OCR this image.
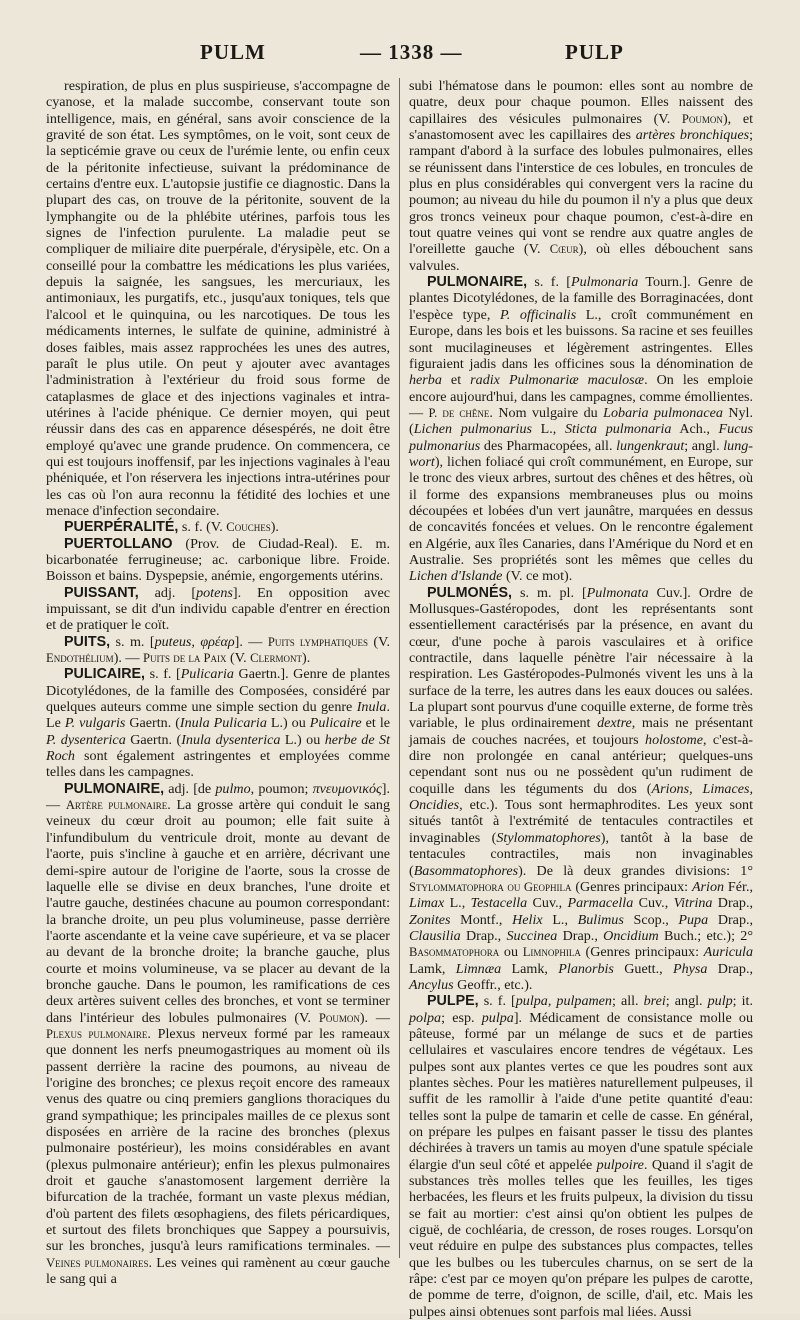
PULM	— 1338 —	PULP

respiration, de plus en plus suspirieuse, s'accompagne de cyanose, et la malade succombe, conservant toute son intelligence, mais, en général, sans avoir conscience de la gravité de son état. Les symptômes, on le voit, sont ceux de la septicémie grave ou ceux de l'urémie lente, ou enfin ceux de la péritonite infectieuse, suivant la prédominance de certains d'entre eux. L'autopsie justifie ce diagnostic. Dans la plupart des cas, on trouve de la péritonite, souvent de la lymphangite ou de la phlébite utérines, parfois tous les signes de l'infection purulente. La maladie peut se compliquer de miliaire dite puerpérale, d'érysipèle, etc. On a conseillé pour la combattre les médications les plus variées, depuis la saignée, les sangsues, les mercuriaux, les antimoniaux, les purgatifs, etc., jusqu'aux toniques, tels que l'alcool et le quinquina, ou les narcotiques. De tous les médicaments internes, le sulfate de quinine, administré à doses faibles, mais assez rapprochées les unes des autres, paraît le plus utile. On peut y ajouter avec avantages l'administration à l'extérieur du froid sous forme de cataplasmes de glace et des injections vaginales et intra-utérines à l'acide phénique. Ce dernier moyen, qui peut réussir dans des cas en apparence désespérés, ne doit être employé qu'avec une grande prudence. On commencera, ce qui est toujours inoffensif, par les injections vaginales à l'eau phéniquée, et l'on réservera les injections intra-utérines pour les cas où l'on aura reconnu la fétidité des lochies et une menace d'infection secondaire.

PUERPÉRALITÉ, s. f. (V. Couches).

PUERTOLLANO (Prov. de Ciudad-Real). E. m. bicarbonatée ferrugineuse; ac. carbonique libre. Froide. Boisson et bains. Dyspepsie, anémie, engorgements utérins.

PUISSANT, adj. [potens]. En opposition avec impuissant, se dit d'un individu capable d'entrer en érection et de pratiquer le coït.

PUITS, s. m. [puteus, φρέαρ]. — Puits lymphatiques (V. Endothélium). — Puits de la Paix (V. Clermont).

PULICAIRE, s. f. [Pulicaria Gaertn.]. Genre de plantes Dicotylédones, de la famille des Composées, considéré par quelques auteurs comme une simple section du genre Inula. Le P. vulgaris Gaertn. (Inula Pulicaria L.) ou Pulicaire et le P. dysenterica Gaertn. (Inula dysenterica L.) ou herbe de St Roch sont également astringentes et employées comme telles dans les campagnes.

PULMONAIRE, adj. [de pulmo, poumon; πνευμονικός]. — Artère pulmonaire. La grosse artère qui conduit le sang veineux du cœur droit au poumon; elle fait suite à l'infundibulum du ventricule droit, monte au devant de l'aorte, puis s'incline à gauche et en arrière, décrivant une demi-spire autour de l'origine de l'aorte, sous la crosse de laquelle elle se divise en deux branches, l'une droite et l'autre gauche, destinées chacune au poumon correspondant: la branche droite, un peu plus volumineuse, passe derrière l'aorte ascendante et la veine cave supérieure, et va se placer au devant de la bronche droite; la branche gauche, plus courte et moins volumineuse, va se placer au devant de la bronche gauche. Dans le poumon, les ramifications de ces deux artères suivent celles des bronches, et vont se terminer dans l'intérieur des lobules pulmonaires (V. Poumon). — Plexus pulmonaire. Plexus nerveux formé par les rameaux que donnent les nerfs pneumogastriques au moment où ils passent derrière la racine des poumons, au niveau de l'origine des bronches; ce plexus reçoit encore des rameaux venus des quatre ou cinq premiers ganglions thoraciques du grand sympathique; les principales mailles de ce plexus sont disposées en arrière de la racine des bronches (plexus pulmonaire postérieur), les moins considérables en avant (plexus pulmonaire antérieur); enfin les plexus pulmonaires droit et gauche s'anastomosent largement derrière la bifurcation de la trachée, formant un vaste plexus médian, d'où partent des filets œsophagiens, des filets péricardiques, et surtout des filets bronchiques que Sappey a poursuivis, sur les bronches, jusqu'à leurs ramifications terminales. — Veines pulmonaires. Les veines qui ramènent au cœur gauche le sang qui a

subi l'hématose dans le poumon: elles sont au nombre de quatre, deux pour chaque poumon. Elles naissent des capillaires des vésicules pulmonaires (V. Poumon), et s'anastomosent avec les capillaires des artères bronchiques; rampant d'abord à la surface des lobules pulmonaires, elles se réunissent dans l'interstice de ces lobules, en troncules de plus en plus considérables qui convergent vers la racine du poumon; au niveau du hile du poumon il n'y a plus que deux gros troncs veineux pour chaque poumon, c'est-à-dire en tout quatre veines qui vont se rendre aux quatre angles de l'oreillette gauche (V. Cœur), où elles débouchent sans valvules.

PULMONAIRE, s. f. [Pulmonaria Tourn.]. Genre de plantes Dicotylédones, de la famille des Borraginacées, dont l'espèce type, P. officinalis L., croît communément en Europe, dans les bois et les buissons. Sa racine et ses feuilles sont mucilagineuses et légèrement astringentes. Elles figuraient jadis dans les officines sous la dénomination de herba et radix Pulmonariæ maculosæ. On les emploie encore aujourd'hui, dans les campagnes, comme émollientes. — P. de chêne. Nom vulgaire du Lobaria pulmonacea Nyl. (Lichen pulmonarius L., Sticta pulmonaria Ach., Fucus pulmonarius des Pharmacopées, all. lungenkraut; angl. lung-wort), lichen foliacé qui croît communément, en Europe, sur le tronc des vieux arbres, surtout des chênes et des hêtres, où il forme des expansions membraneuses plus ou moins découpées et lobées d'un vert jaunâtre, marquées en dessus de concavités foncées et velues. On le rencontre également en Algérie, aux îles Canaries, dans l'Amérique du Nord et en Australie. Ses propriétés sont les mêmes que celles du Lichen d'Islande (V. ce mot).

PULMONÉS, s. m. pl. [Pulmonata Cuv.]. Ordre de Mollusques-Gastéropodes, dont les représentants sont essentiellement caractérisés par la présence, en avant du cœur, d'une poche à parois vasculaires et à orifice contractile, dans laquelle pénètre l'air nécessaire à la respiration. Les Gastéropodes-Pulmonés vivent les uns à la surface de la terre, les autres dans les eaux douces ou salées. La plupart sont pourvus d'une coquille externe, de forme très variable, le plus ordinairement dextre, mais ne présentant jamais de couches nacrées, et toujours holostome, c'est-à-dire non prolongée en canal antérieur; quelques-uns cependant sont nus ou ne possèdent qu'un rudiment de coquille dans les téguments du dos (Arions, Limaces, Oncidies, etc.). Tous sont hermaphrodites. Les yeux sont situés tantôt à l'extrémité de tentacules contractiles et invaginables (Stylommatophores), tantôt à la base de tentacules contractiles, mais non invaginables (Basommatophores). De là deux grandes divisions: 1° Stylommatophora ou Geophila (Genres principaux: Arion Fér., Limax L., Testacella Cuv., Parmacella Cuv., Vitrina Drap., Zonites Montf., Helix L., Bulimus Scop., Pupa Drap., Clausilia Drap., Succinea Drap., Oncidium Buch.; etc.); 2° Basommatophora ou Limnophila (Genres principaux: Auricula Lamk, Limnæa Lamk, Planorbis Guett., Physa Drap., Ancylus Geoffr., etc.).

PULPE, s. f. [pulpa, pulpamen; all. brei; angl. pulp; it. polpa; esp. pulpa]. Médicament de consistance molle ou pâteuse, formé par un mélange de sucs et de parties cellulaires et vasculaires encore tendres de végétaux. Les pulpes sont aux plantes vertes ce que les poudres sont aux plantes sèches. Pour les matières naturellement pulpeuses, il suffit de les ramollir à l'aide d'une petite quantité d'eau: telles sont la pulpe de tamarin et celle de casse. En général, on prépare les pulpes en faisant passer le tissu des plantes déchirées à travers un tamis au moyen d'une spatule spéciale élargie d'un seul côté et appelée pulpoire. Quand il s'agit de substances très molles telles que les feuilles, les tiges herbacées, les fleurs et les fruits pulpeux, la division du tissu se fait au mortier: c'est ainsi qu'on obtient les pulpes de ciguë, de cochléaria, de cresson, de roses rouges. Lorsqu'on veut réduire en pulpe des substances plus compactes, telles que les bulbes ou les tubercules charnus, on se sert de la râpe: c'est par ce moyen qu'on prépare les pulpes de carotte, de pomme de terre, d'oignon, de scille, d'ail, etc. Mais les pulpes ainsi obtenues sont parfois mal liées. Aussi
